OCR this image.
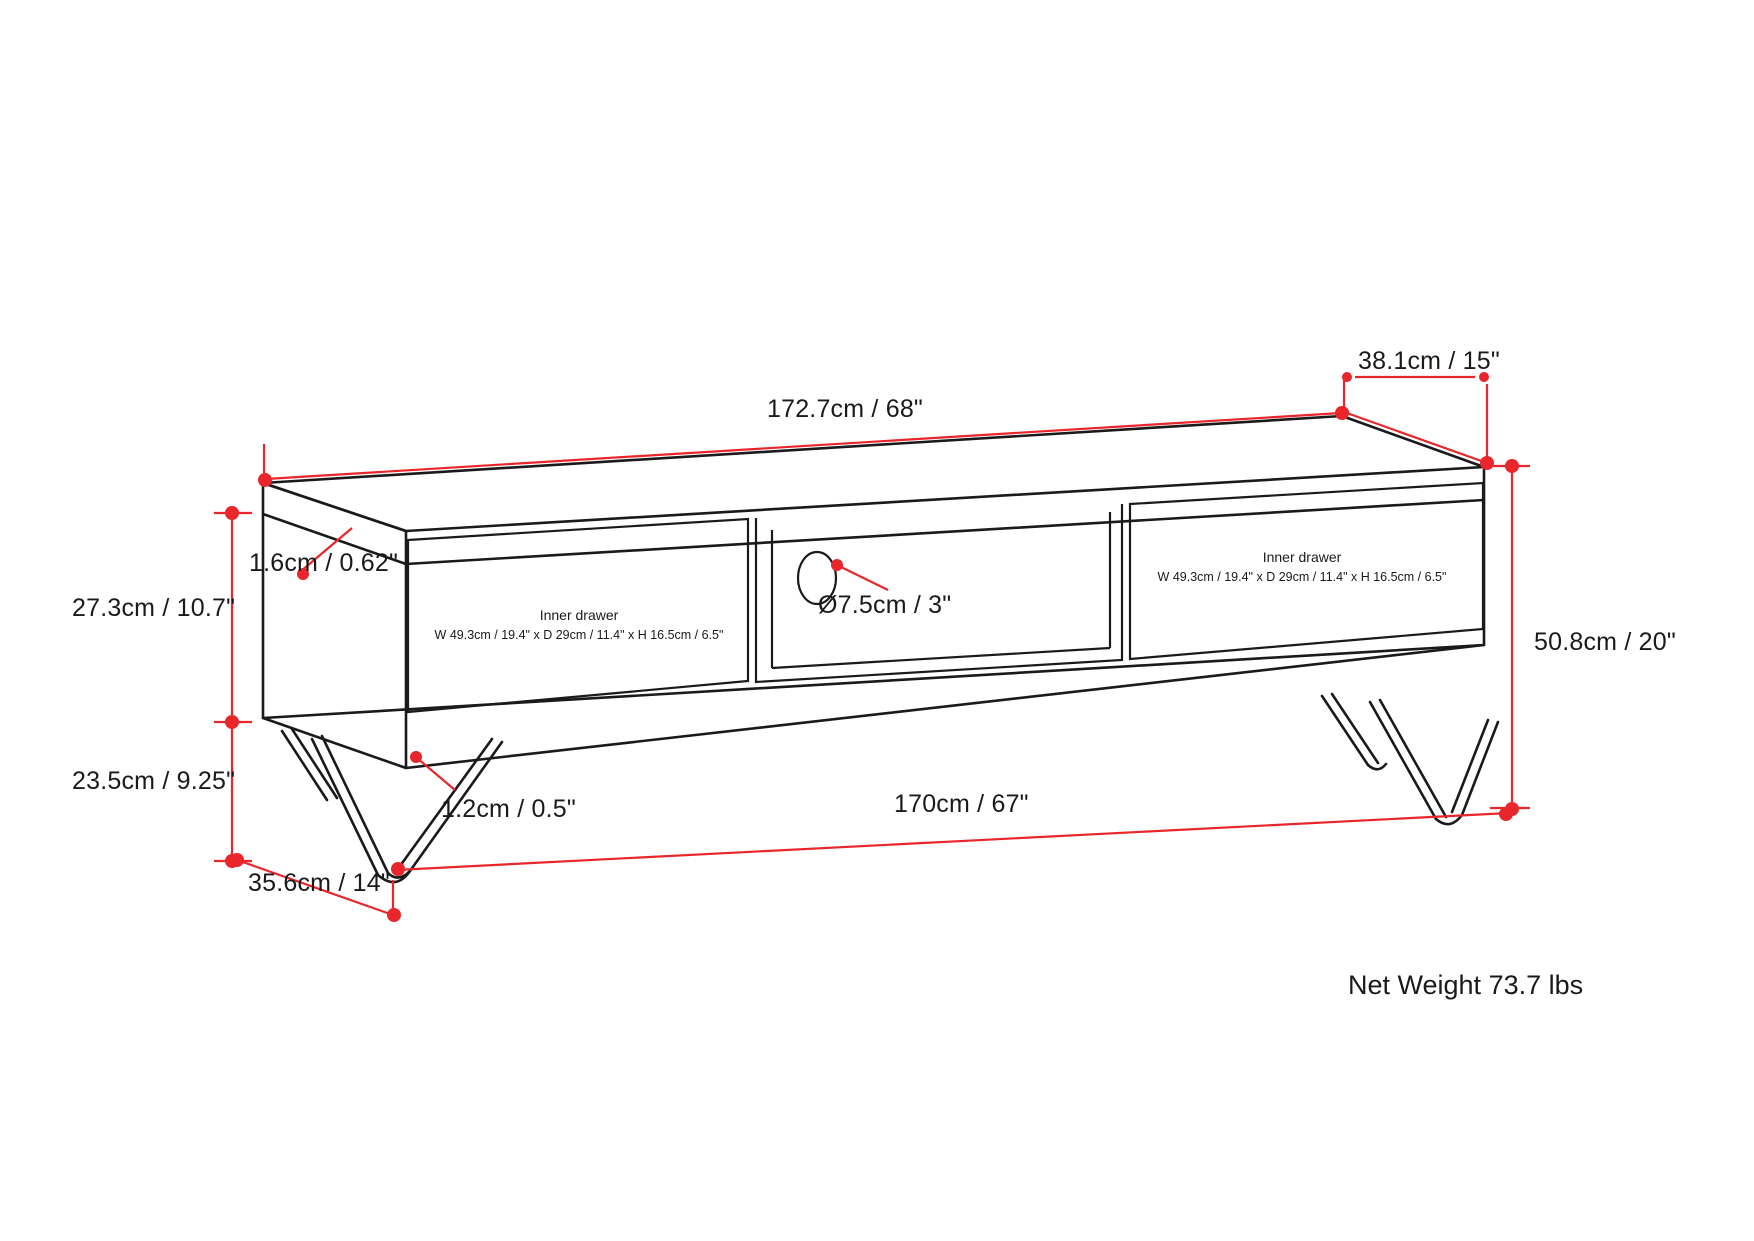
172.7cm / 68"
38.1cm / 15"
50.8cm / 20"
1.6cm / 0.62"
27.3cm / 10.7"
23.5cm / 9.25"
1.2cm / 0.5"
35.6cm / 14"
170cm / 67"
Ø7.5cm / 3"
Inner drawer
W 49.3cm / 19.4" x D 29cm / 11.4" x H 16.5cm / 6.5"
Inner drawer
W 49.3cm / 19.4" x D 29cm / 11.4" x H 16.5cm / 6.5"
Net Weight 73.7 lbs
